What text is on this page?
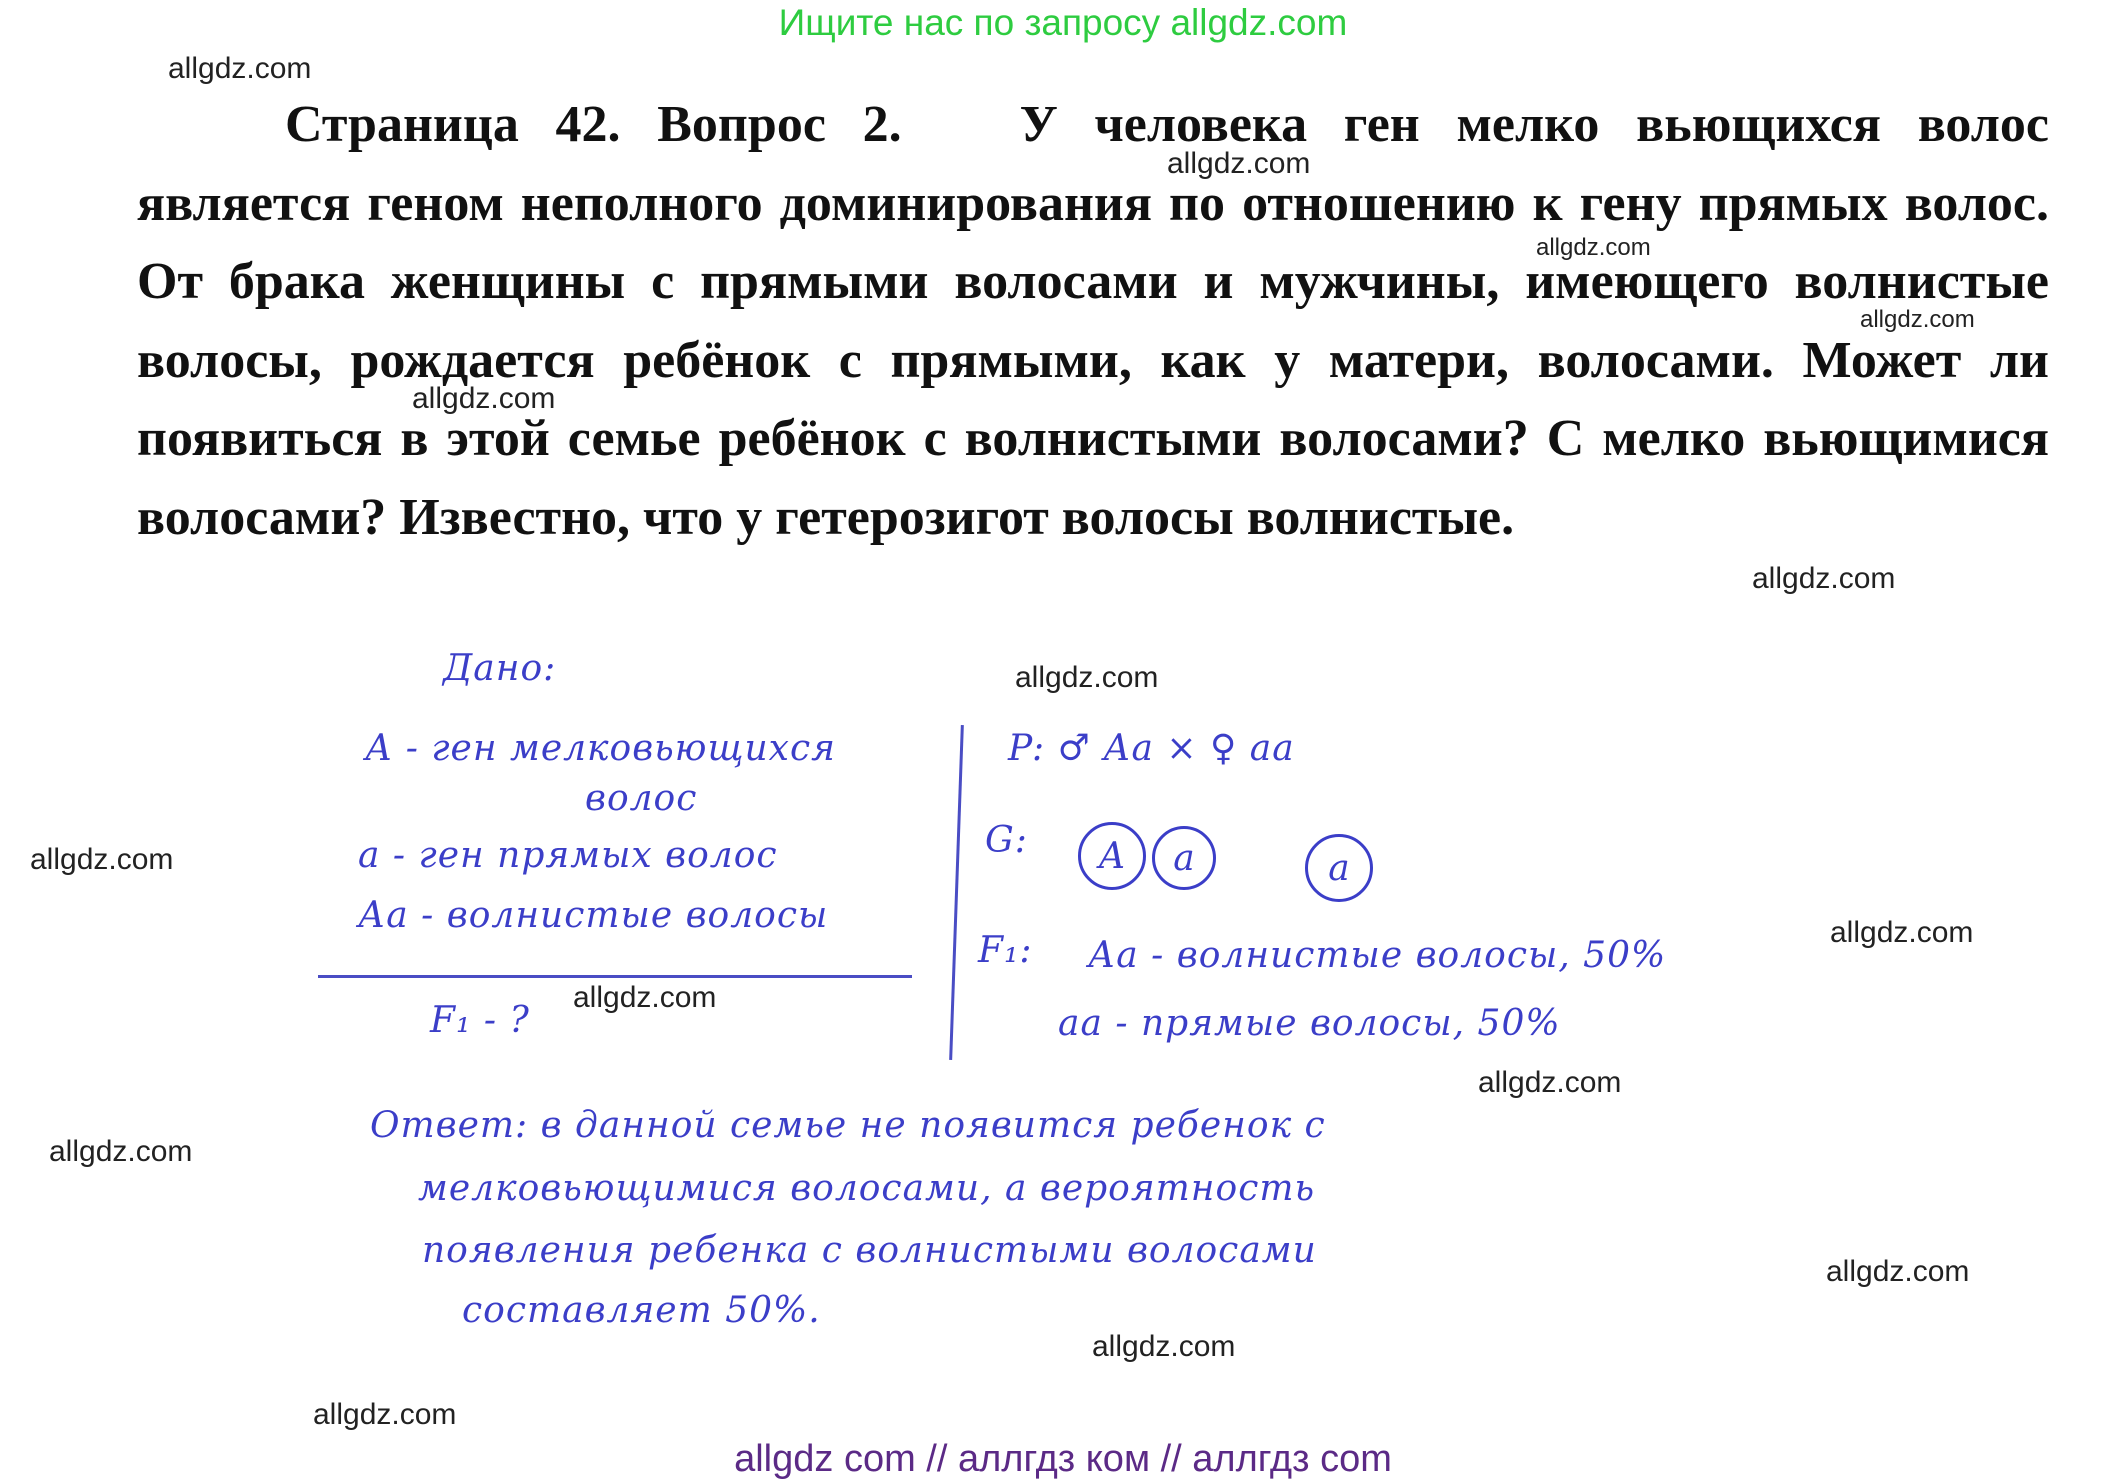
Ищите нас по запросу allgdz.com
allgdz.com
allgdz.com
allgdz.com
allgdz.com
allgdz.com
allgdz.com
allgdz.com
allgdz.com
allgdz.com
allgdz.com
allgdz.com
allgdz.com
allgdz.com
allgdz.com
allgdz.com
Страница 42. Вопрос 2. У человека ген мелко вьющихся волос является геном неполного доминирования по отношению к гену прямых волос. От брака женщины с прямыми волосами и мужчины, имеющего волнистые волосы, рождается ребёнок с прямыми, как у матери, волосами. Может ли появиться в этой семье ребёнок с волнистыми волосами? С мелко вьющимися волосами? Известно, что у гетерозигот волосы волнистые.
Дано:
А - ген мелковьющихся
волос
а - ген прямых волос
Аа - волнистые волосы
F₁ - ?
P: ♂ Аа × ♀ аа
G:	А	а	а
F₁: Аа - волнистые волосы, 50%
аа - прямые волосы, 50%
Ответ: в данной семье не появится ребенок с
мелковьющимися волосами, а вероятность
появления ребенка с волнистыми волосами
составляет 50%.
allgdz com // аллгдз ком // аллгдз com
